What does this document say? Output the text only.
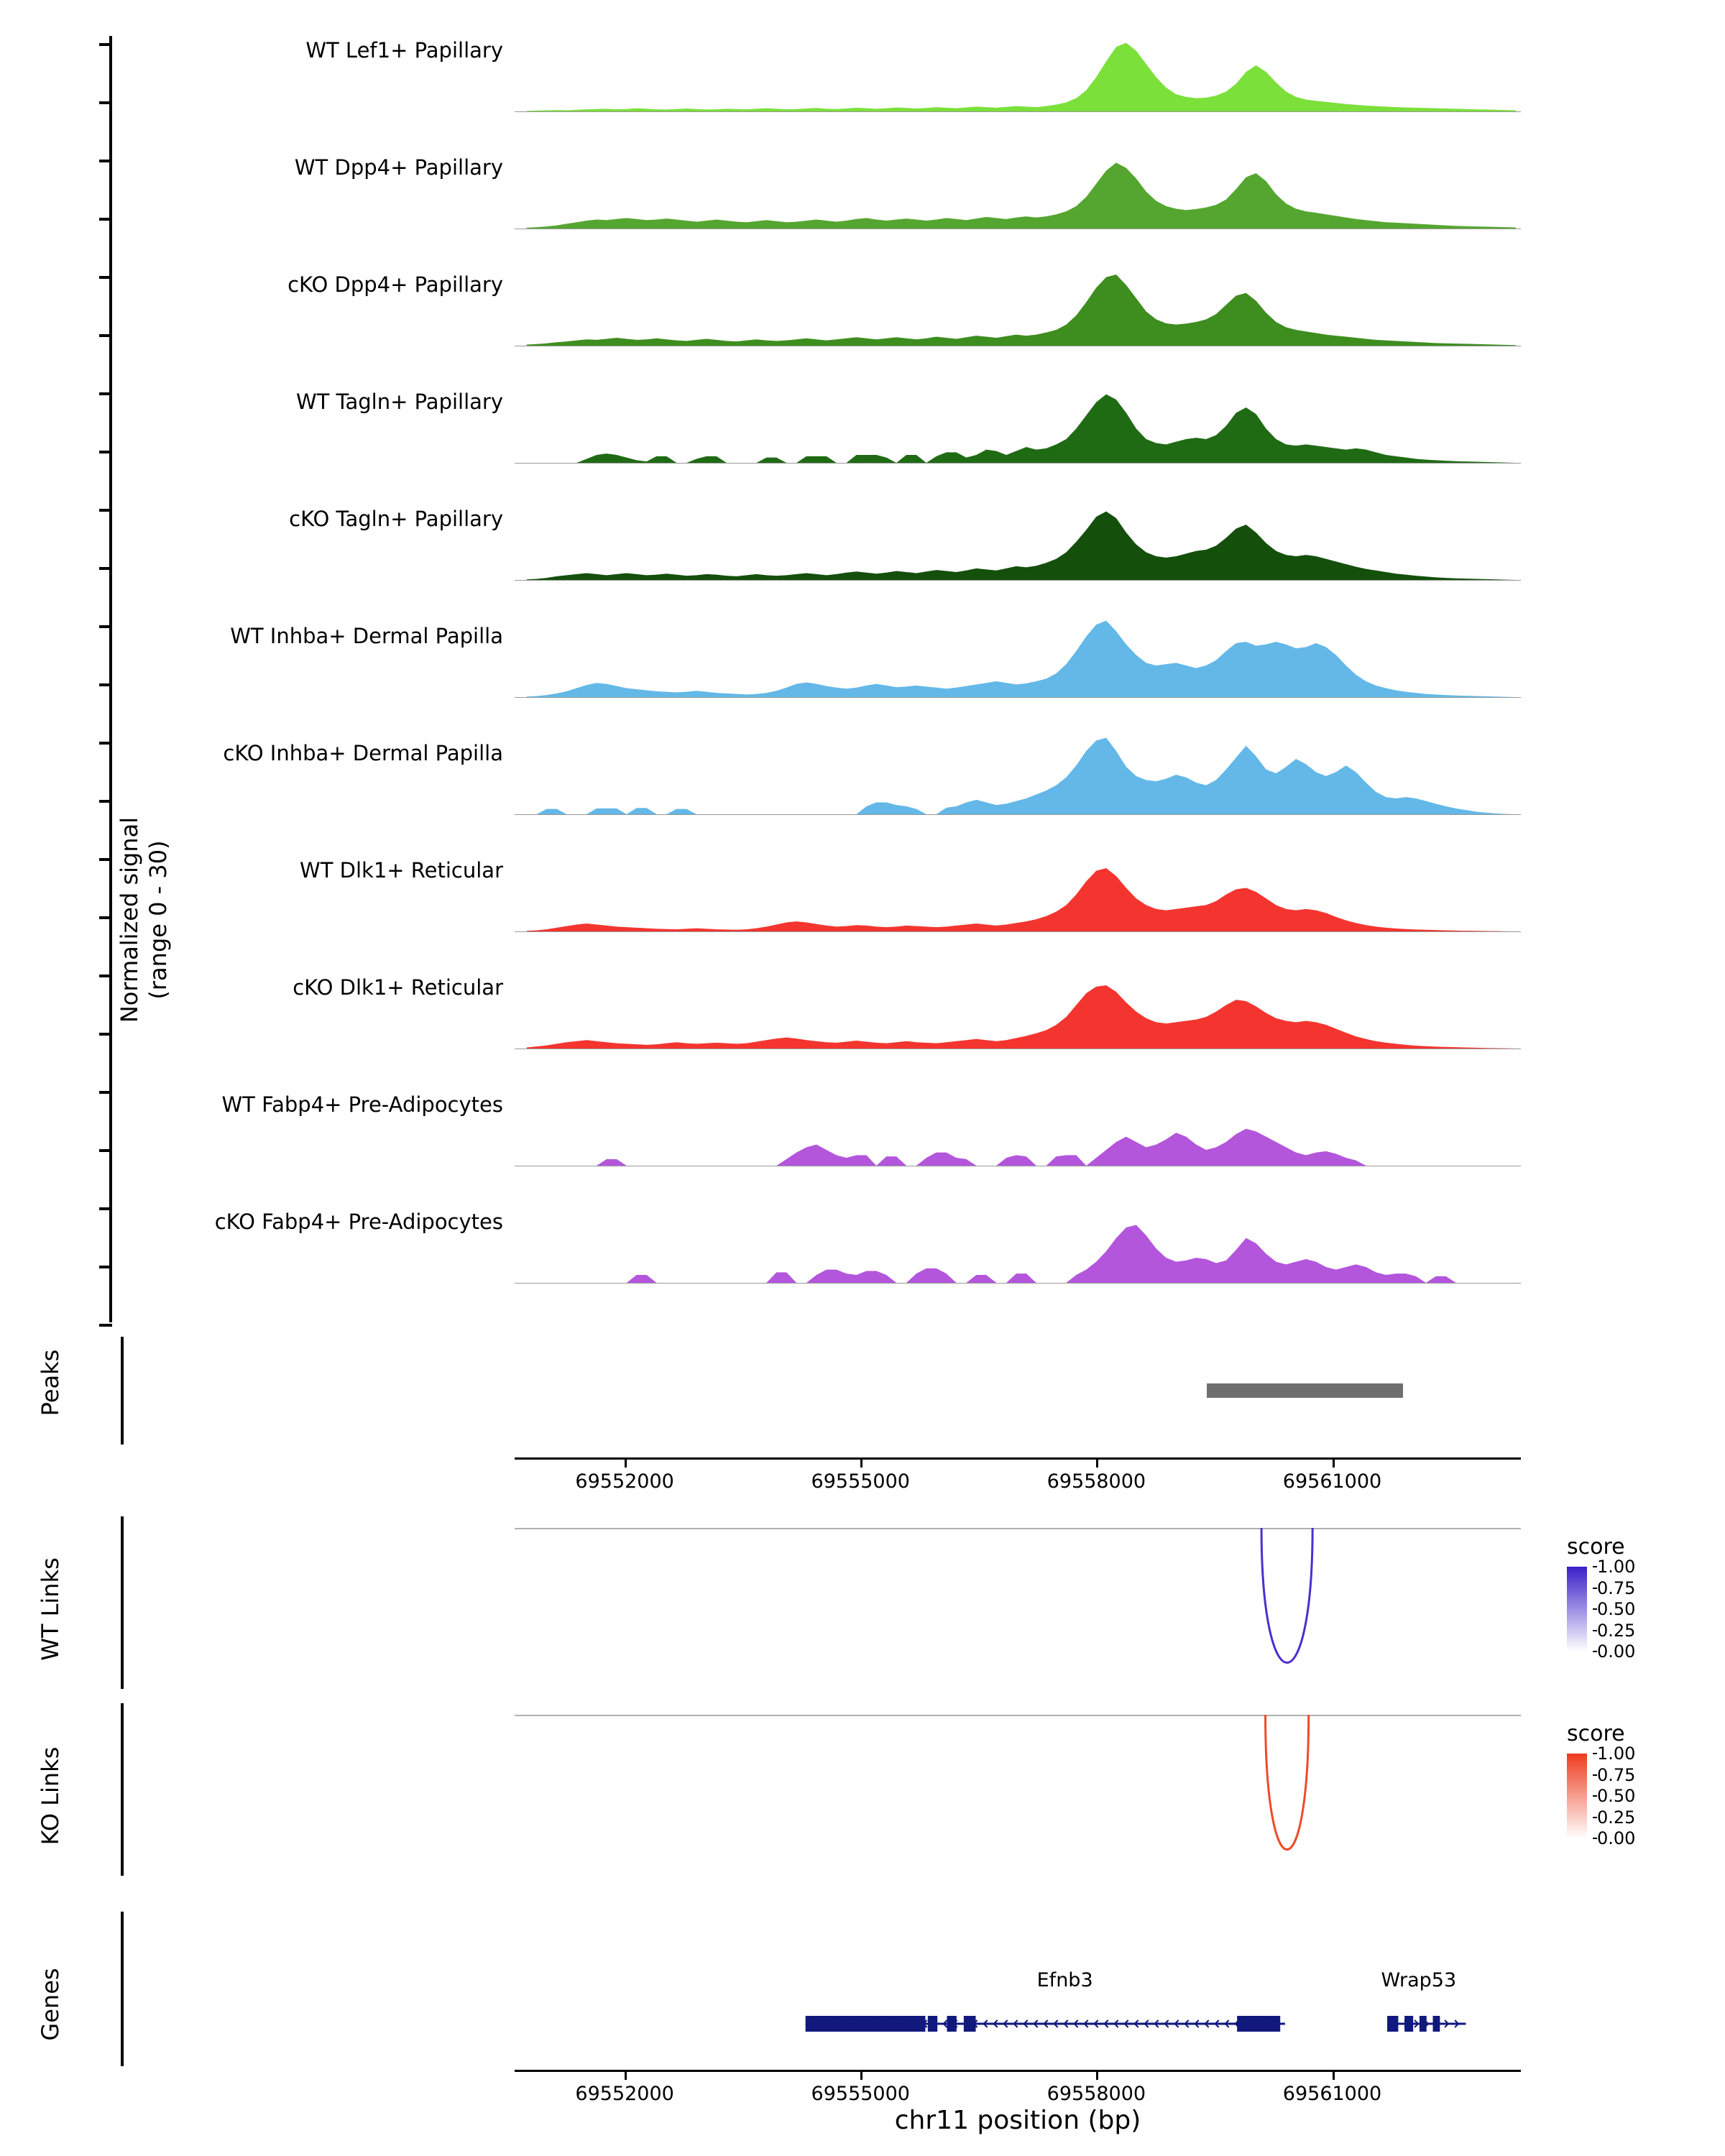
Normalized signal (range 0 - 30)
Peaks
WT Links
KO Links
Genes
WT Lef1+ Papillary
WT Dpp4+ Papillary
cKO Dpp4+ Papillary
WT Tagln+ Papillary
cKO Tagln+ Papillary
WT Inhba+ Dermal Papilla
cKO Inhba+ Dermal Papilla
WT Dlk1+ Reticular
cKO Dlk1+ Reticular
WT Fabp4+ Pre-Adipocytes
cKO Fabp4+ Pre-Adipocytes
69552000	69555000	69558000	69561000
score
1.00
0.75
0.50
0.25
0.00
score
1.00
0.75
0.50
0.25
0.00
Efnb3	Wrap53
69552000	69555000	69558000	69561000
chr11 position (bp)
